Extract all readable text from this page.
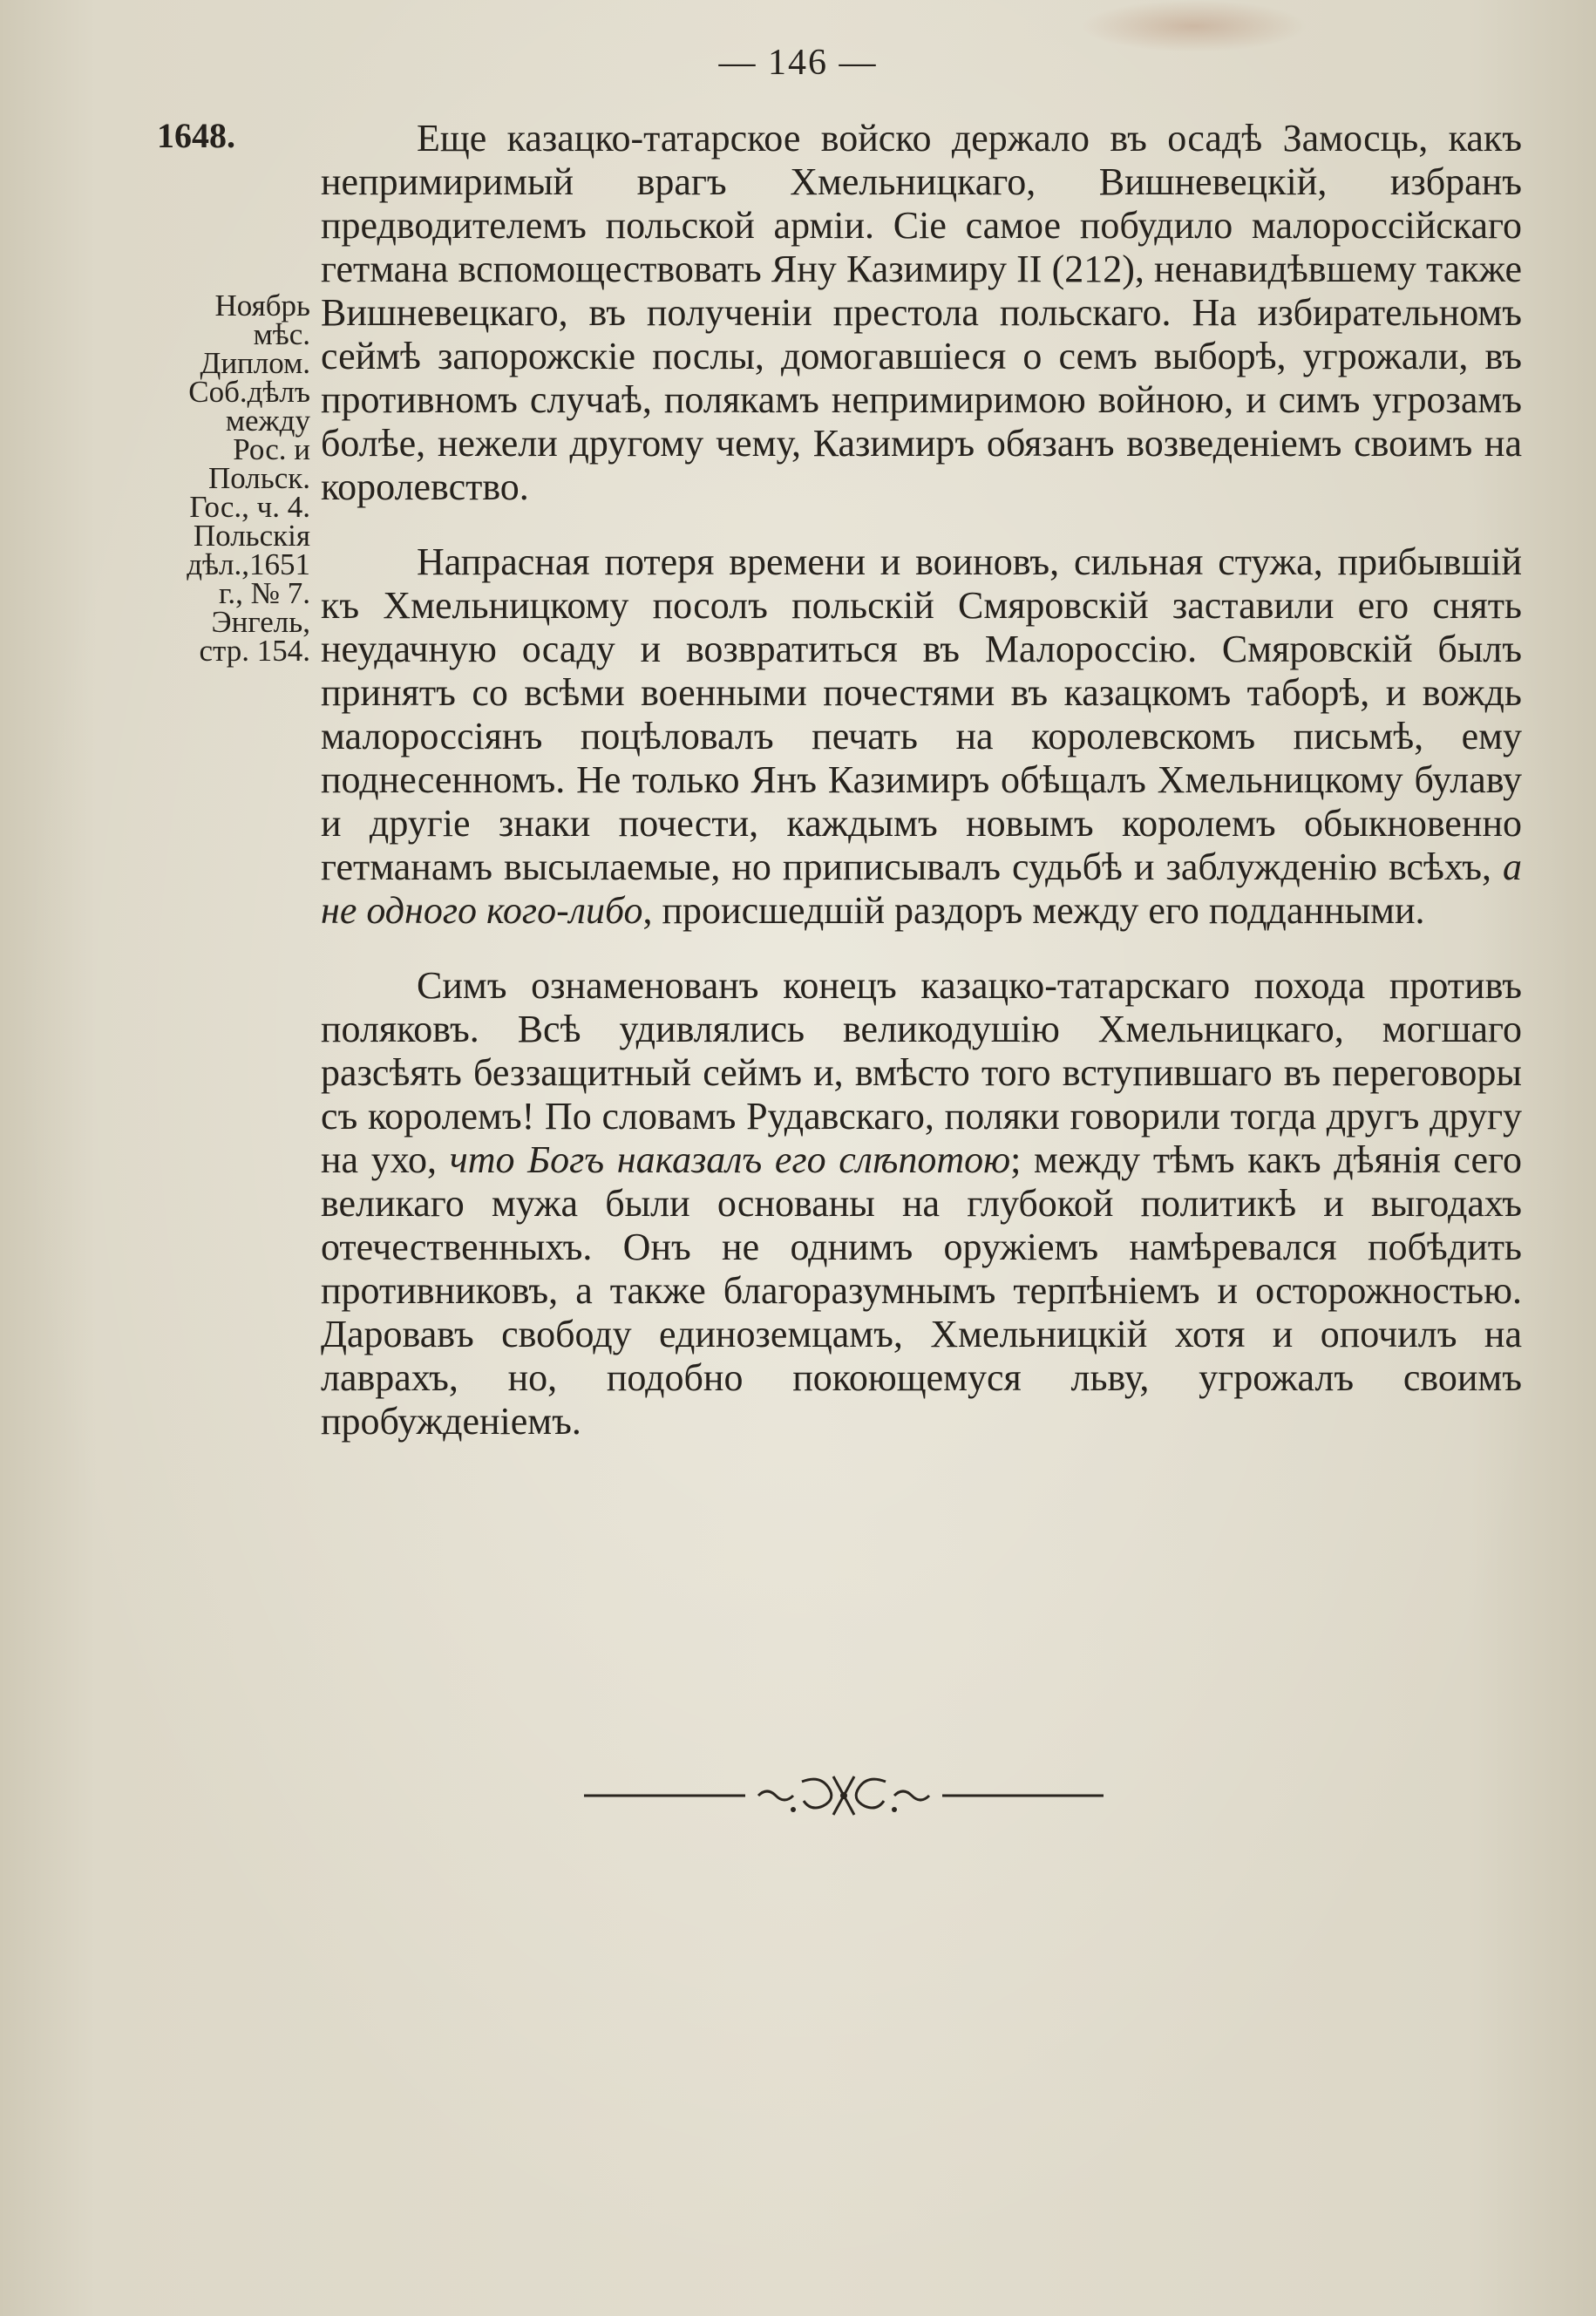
— 146 —
1648.
Ноябрь
мѣс.
Диплом.
Соб.дѣлъ
между
Рос. и
Польск.
Гос., ч. 4.
Польскія
дѣл.,1651
г., № 7.
Энгель,
стр. 154.

Еще казацко-татарское войско держало въ осадѣ Замосць, какъ непримиримый врагъ Хмельницкаго, Вишневецкій, избранъ предводителемъ польской арміи. Сіе самое побудило малороссійскаго гетмана вспомоществовать Яну Казимиру II (212), ненавидѣвшему также Вишневецкаго, въ полученіи престола польскаго. На избирательномъ сеймѣ запорожскіе послы, домогавшіеся о семъ выборѣ, угрожали, въ противномъ случаѣ, полякамъ непримиримою войною, и симъ угрозамъ болѣе, нежели другому чему, Казимиръ обязанъ возведеніемъ своимъ на королевство.

Напрасная потеря времени и воиновъ, сильная стужа, прибывшій къ Хмельницкому посолъ польскій Смяровскій заставили его снять неудачную осаду и возвратиться въ Малороссію. Смяровскій былъ принятъ со всѣми военными почестями въ казацкомъ таборѣ, и вождь малороссіянъ поцѣловалъ печать на королевскомъ письмѣ, ему поднесенномъ. Не только Янъ Казимиръ обѣщалъ Хмельницкому булаву и другіе знаки почести, каждымъ новымъ королемъ обыкновенно гетманамъ высылаемые, но приписывалъ судьбѣ и заблужденію всѣхъ, а не одного кого-либо, происшедшій раздоръ между его подданными.

Симъ ознаменованъ конецъ казацко-татарскаго похода противъ поляковъ. Всѣ удивлялись великодушію Хмельницкаго, могшаго разсѣять беззащитный сеймъ и, вмѣсто того вступившаго въ переговоры съ королемъ! По словамъ Рудавскаго, поляки говорили тогда другъ другу на ухо, что Богъ наказалъ его слѣпотою; между тѣмъ какъ дѣянія сего великаго мужа были основаны на глубокой политикѣ и выгодахъ отечественныхъ. Онъ не однимъ оружіемъ намѣревался побѣдить противниковъ, а также благоразумнымъ терпѣніемъ и осторожностью. Даровавъ свободу единоземцамъ, Хмельницкій хотя и опочилъ на лаврахъ, но, подобно покоющемуся льву, угрожалъ своимъ пробужденіемъ.
